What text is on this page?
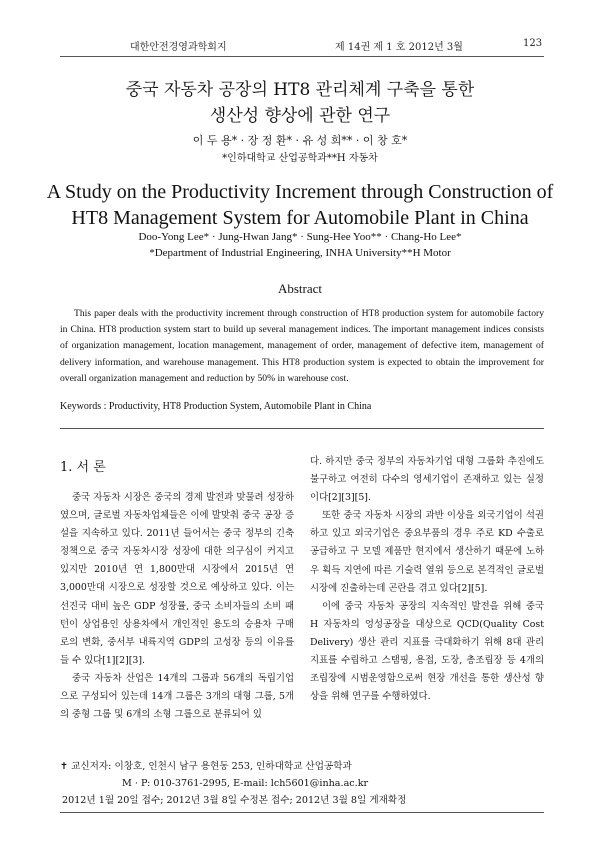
대한안전경영과학회지	제 14권 제 1 호 2012년 3월	123
중국 자동차 공장의 HT8 관리체계 구축을 통한
생산성 향상에 관한 연구
이 두 용* · 장 정 환* · 유 성 희** · 이 창 호*
*인하대학교 산업공학과**H 자동차
A Study on the Productivity Increment through Construction of
HT8 Management System for Automobile Plant in China
Doo-Yong Lee* · Jung-Hwan Jang* · Sung-Hee Yoo** · Chang-Ho Lee*
*Department of Industrial Engineering, INHA University**H Motor
Abstract

This paper deals with the productivity increment through construction of HT8 production system for automobile factory in China. HT8 production system start to build up several management indices. The important management indices consists of organization management, location management, management of order, management of defective item, management of delivery information, and warehouse management. This HT8 production system is expected to obtain the improvement for overall organization management and reduction by 50% in warehouse cost.

Keywords : Productivity, HT8 Production System, Automobile Plant in China
1. 서 론

중국 자동차 시장은 중국의 경제 발전과 맞물려 성장하였으며, 글로벌 자동차업체들은 이에 발맞춰 중국 공장 증설을 지속하고 있다. 2011년 들어서는 중국 정부의 긴축 정책으로 중국 자동차시장 성장에 대한 의구심이 커지고 있지만 2010년 연 1,800만대 시장에서 2015년 연 3,000만대 시장으로 성장할 것으로 예상하고 있다. 이는 선진국 대비 높은 GDP 성장률, 중국 소비자들의 소비 패턴이 상업용인 상용차에서 개인적인 용도의 승용차 구매로의 변화, 중서부 내륙지역 GDP의 고성장 등의 이유를 들 수 있다[1][2][3].

중국 자동차 산업은 14개의 그룹과 56개의 독립기업으로 구성되어 있는데 14개 그룹은 3개의 대형 그룹, 5개의 중형 그룹 및 6개의 소형 그룹으로 분류되어 있

다. 하지만 중국 정부의 자동차기업 대형 그룹화 추진에도 불구하고 여전히 다수의 영세기업이 존재하고 있는 실정이다[2][3][5].

또한 중국 자동차 시장의 과반 이상을 외국기업이 석권하고 있고 외국기업은 중요부품의 경우 주로 KD 수출로 공급하고 구 모델 제품만 현지에서 생산하기 때문에 노하우 획득 지연에 따른 기술력 열위 등으로 본격적인 글로벌 시장에 진출하는데 곤란을 겪고 있다[2][5].

이에 중국 자동차 공장의 지속적인 발전을 위해 중국 H 자동차의 엉성공장을 대상으로 QCD(Quality Cost Delivery) 생산 관리 지표를 극대화하기 위해 8대 관리 지표를 수립하고 스탬핑, 용접, 도장, 총조립장 등 4개의 조립장에 시범운영함으로써 현장 개선을 통한 생산성 향상을 위해 연구를 수행하였다.

✝ 교신저자: 이창호, 인천시 남구 용현동 253, 인하대학교 산업공학과
M · P: 010-3761-2995, E-mail: lch5601@inha.ac.kr
2012년 1월 20일 접수; 2012년 3월 8일 수정본 접수; 2012년 3월 8일 게재확정
